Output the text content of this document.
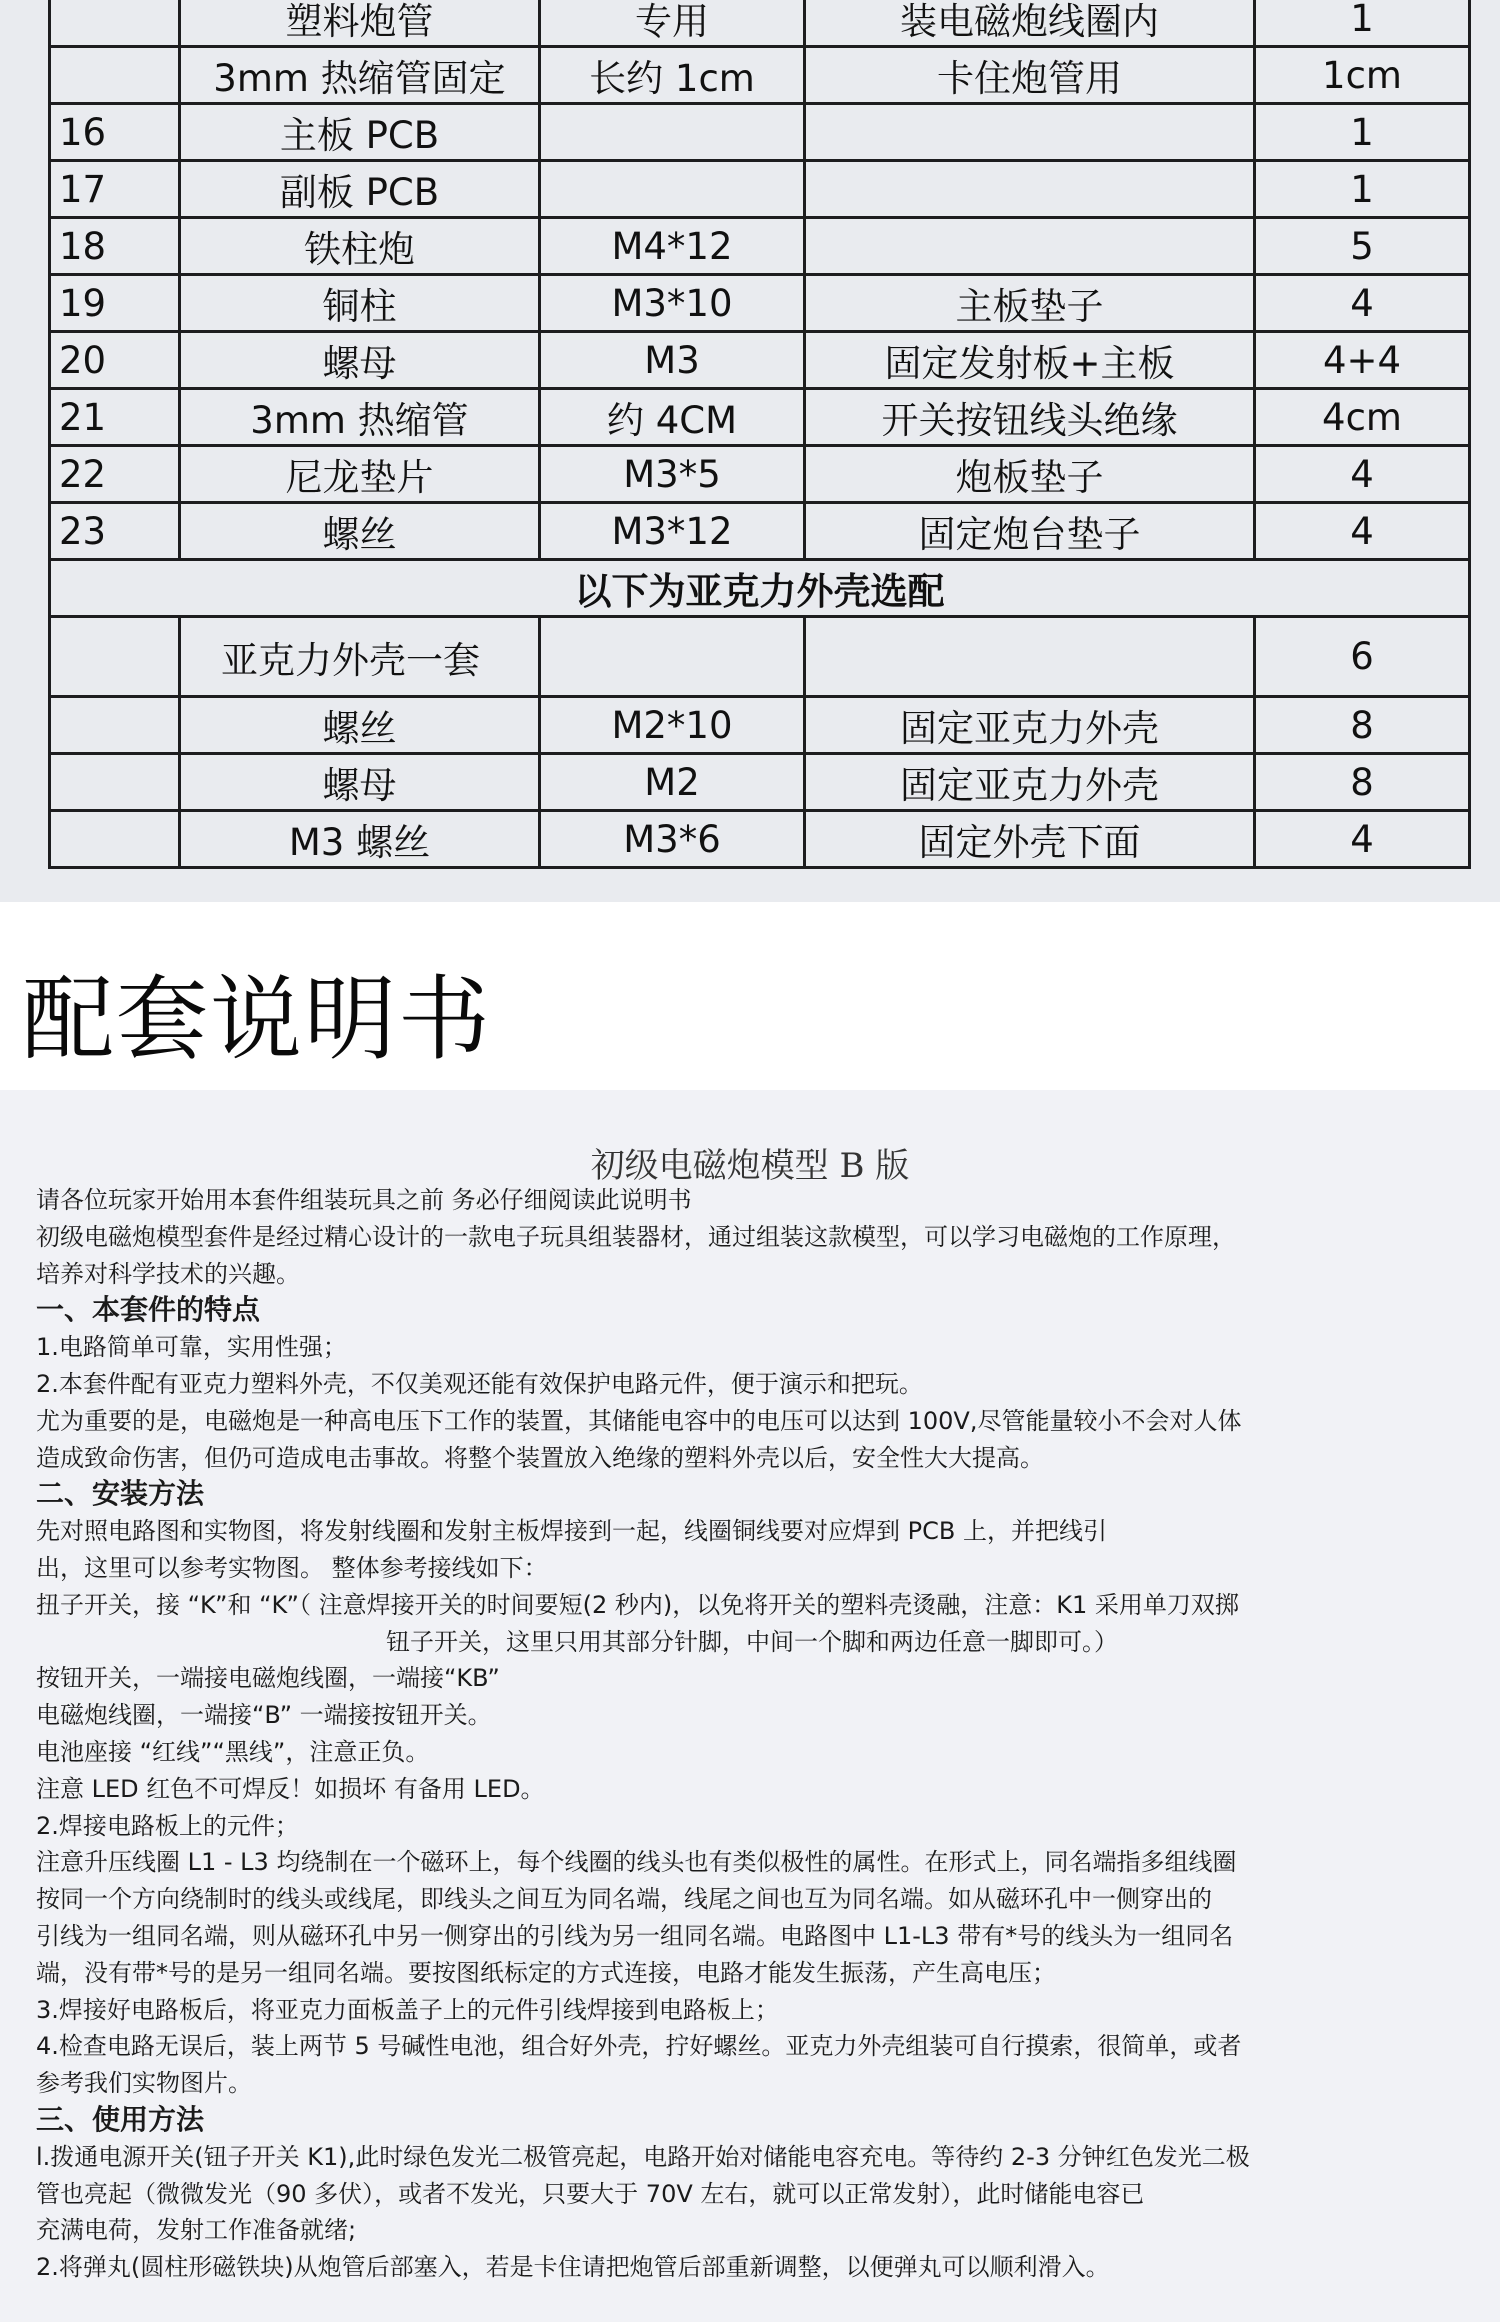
	塑料炮管	专用	装电磁炮线圈内	1
	3mm 热缩管固定	长约 1cm	卡住炮管用	1cm
16	主板 PCB			1
17	副板 PCB			1
18	铁柱炮	M4*12		5
19	铜柱	M3*10	主板垫子	4
20	螺母	M3	固定发射板+主板	4+4
21	3mm 热缩管	约 4CM	开关按钮线头绝缘	4cm
22	尼龙垫片	M3*5	炮板垫子	4
23	螺丝	M3*12	固定炮台垫子	4
以下为亚克力外壳选配				
	亚克力外壳一套			6
	螺丝	M2*10	固定亚克力外壳	8
	螺母	M2	固定亚克力外壳	8
	M3 螺丝	M3*6	固定外壳下面	4
配套说明书
初级电磁炮模型 B 版
请各位玩家开始用本套件组装玩具之前 务必仔细阅读此说明书
初级电磁炮模型套件是经过精心设计的一款电子玩具组装器材，通过组装这款模型，可以学习电磁炮的工作原理，
培养对科学技术的兴趣。
一、本套件的特点
1.电路简单可靠，实用性强；
2.本套件配有亚克力塑料外壳，不仅美观还能有效保护电路元件，便于演示和把玩。
尤为重要的是，电磁炮是一种高电压下工作的装置，其储能电容中的电压可以达到 100V,尽管能量较小不会对人体
造成致命伤害，但仍可造成电击事故。将整个装置放入绝缘的塑料外壳以后，安全性大大提高。
二、安装方法
先对照电路图和实物图，将发射线圈和发射主板焊接到一起，线圈铜线要对应焊到 PCB 上，并把线引
出，这里可以参考实物图。 整体参考接线如下：
扭子开关，接 “K”和 “K”（ 注意焊接开关的时间要短(2 秒内)，以免将开关的塑料壳烫融，注意：K1 采用单刀双掷
钮子开关，这里只用其部分针脚，中间一个脚和两边任意一脚即可。）
按钮开关，一端接电磁炮线圈，一端接“KB”
电磁炮线圈，一端接“B” 一端接按钮开关。
电池座接 “红线”“黑线”，注意正负。
注意 LED 红色不可焊反！如损坏 有备用 LED。
2.焊接电路板上的元件；
注意升压线圈 L1 - L3 均绕制在一个磁环上，每个线圈的线头也有类似极性的属性。在形式上，同名端指多组线圈
按同一个方向绕制时的线头或线尾，即线头之间互为同名端，线尾之间也互为同名端。如从磁环孔中一侧穿出的
引线为一组同名端，则从磁环孔中另一侧穿出的引线为另一组同名端。电路图中 L1-L3 带有*号的线头为一组同名
端，没有带*号的是另一组同名端。要按图纸标定的方式连接，电路才能发生振荡，产生高电压；
3.焊接好电路板后，将亚克力面板盖子上的元件引线焊接到电路板上；
4.检查电路无误后，装上两节 5 号碱性电池，组合好外壳，拧好螺丝。亚克力外壳组装可自行摸索，很简单，或者
参考我们实物图片。
三、使用方法
l.拨通电源开关(钮子开关 K1),此时绿色发光二极管亮起，电路开始对储能电容充电。等待约 2-3 分钟红色发光二极
管也亮起（微微发光（90 多伏），或者不发光，只要大于 70V 左右，就可以正常发射），此时储能电容已
充满电荷，发射工作准备就绪;
2.将弹丸(圆柱形磁铁块)从炮管后部塞入，若是卡住请把炮管后部重新调整，以便弹丸可以顺利滑入。
